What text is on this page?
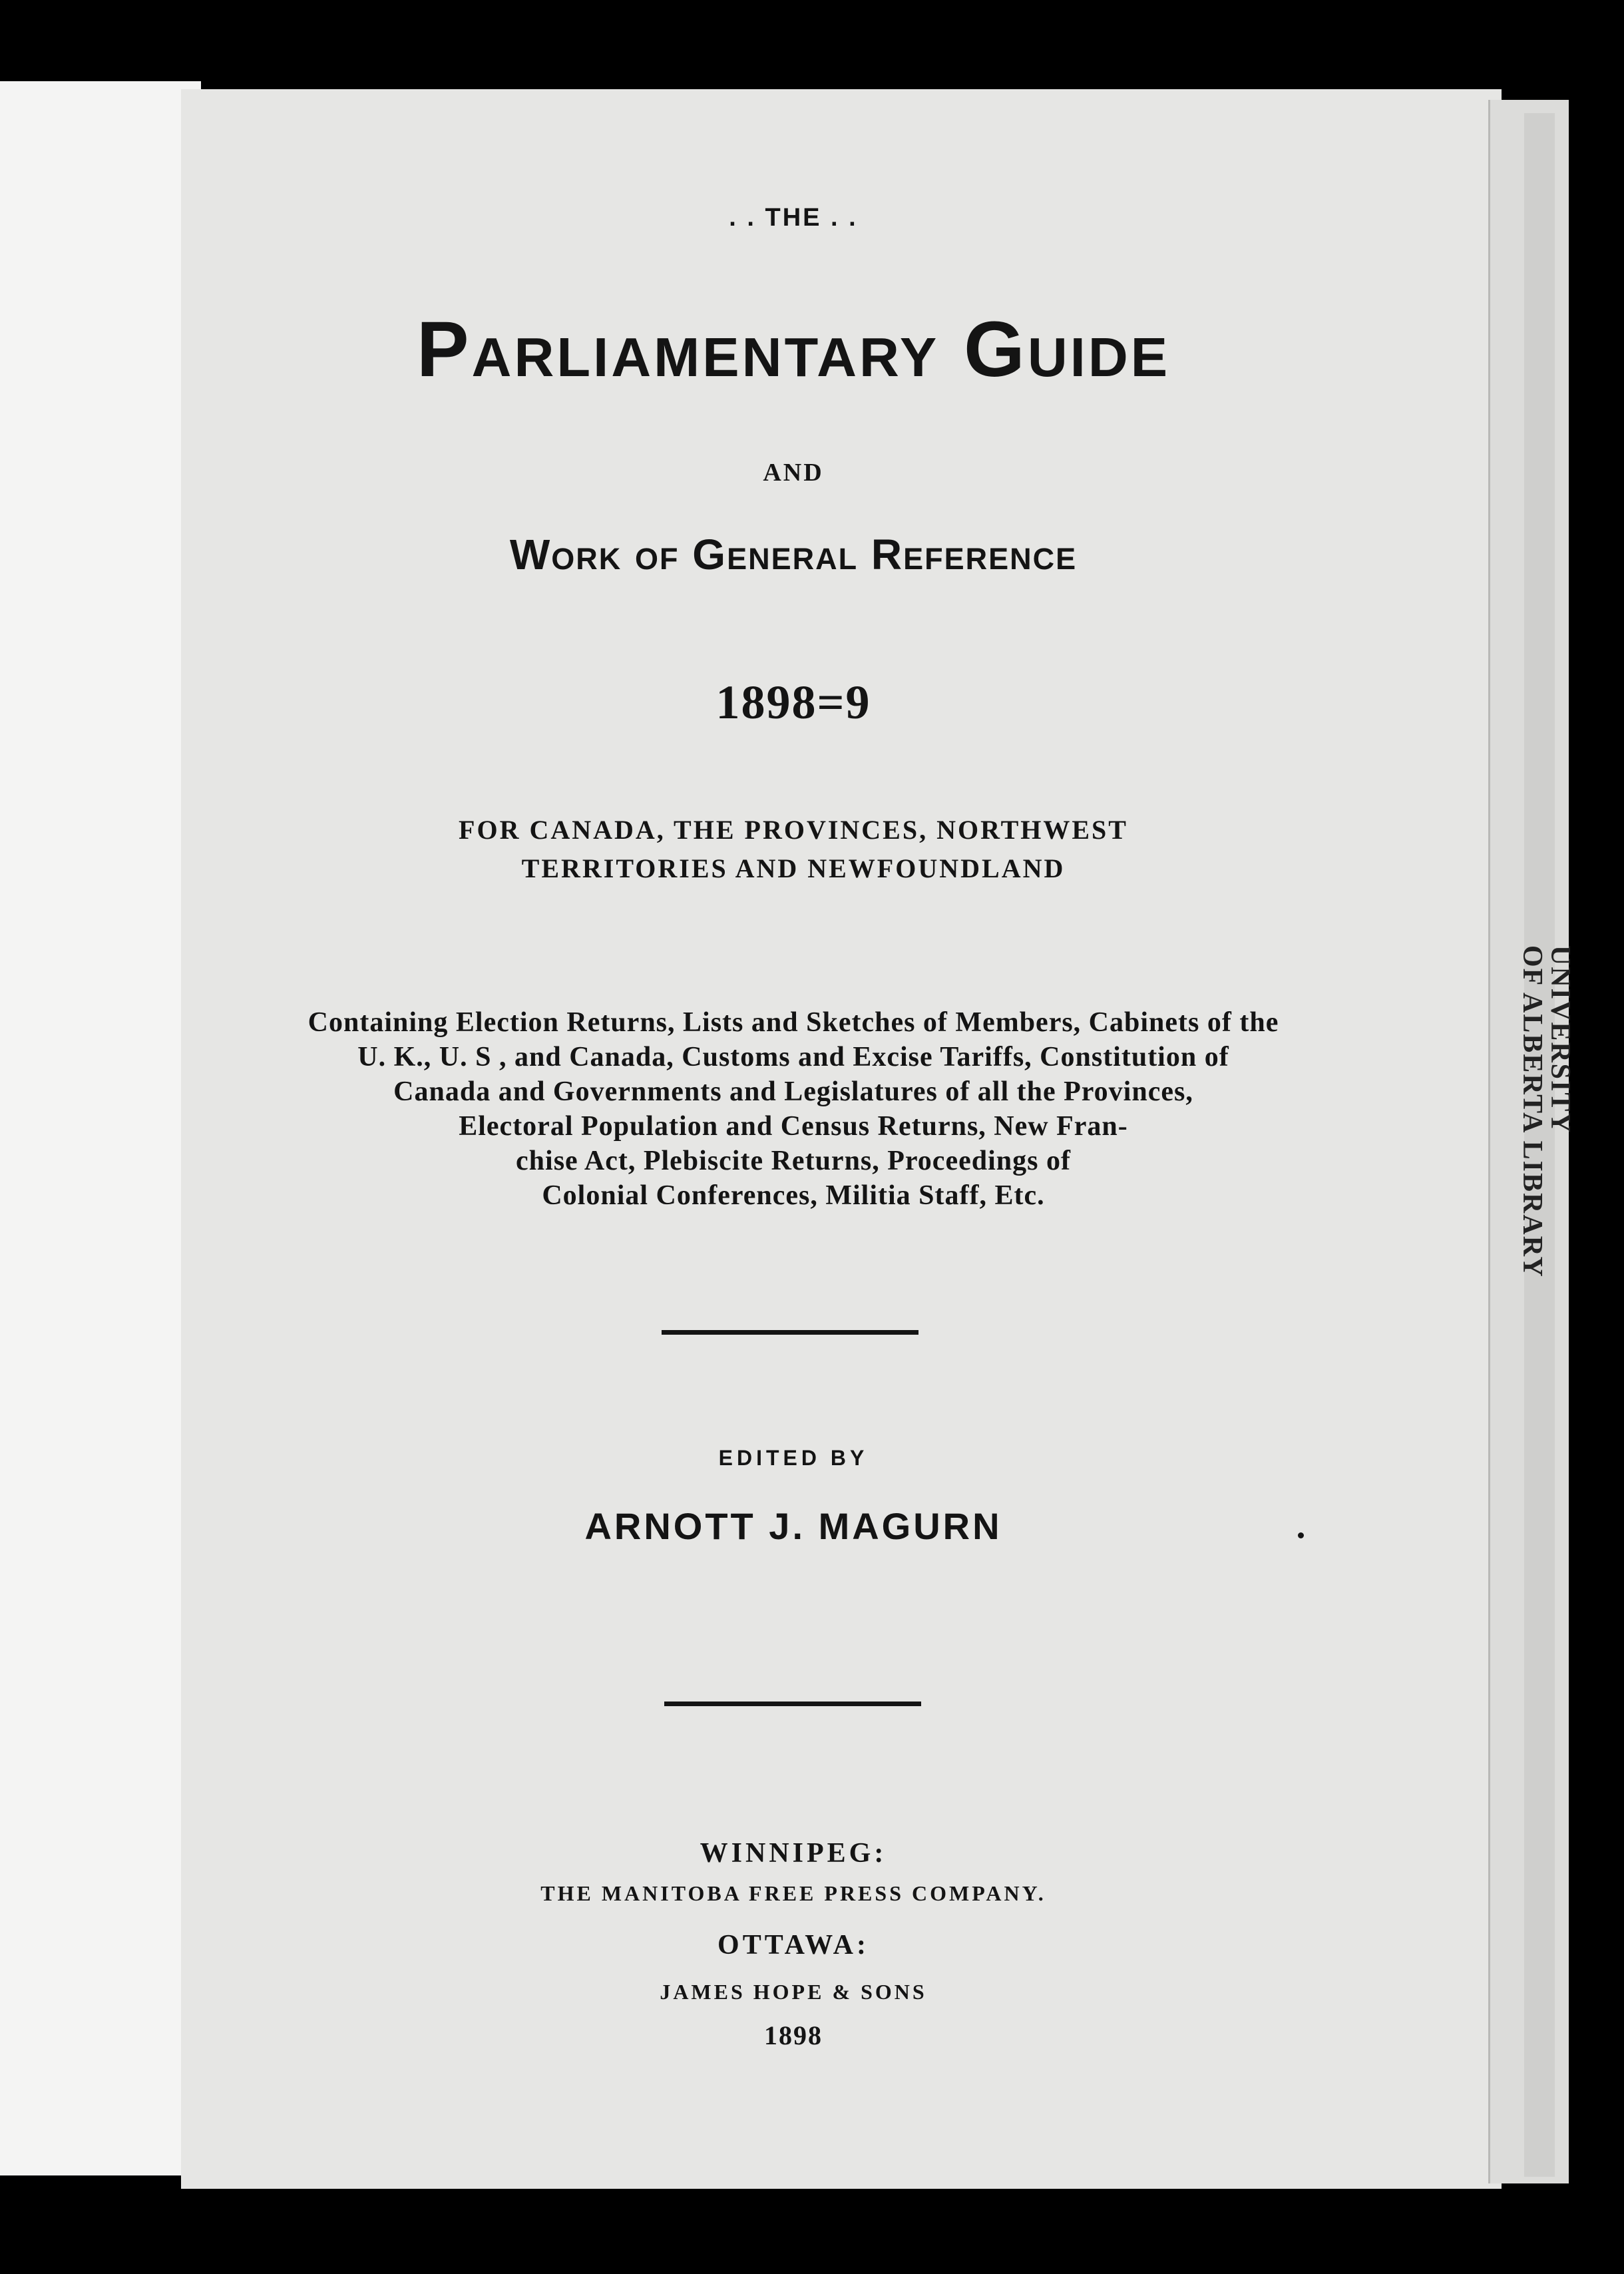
UNIVERSITY
OF ALBERTA LIBRARY
. . THE . .
Parliamentary Guide
AND
Work of General Reference
1898=9
FOR CANADA, THE PROVINCES, NORTHWEST
TERRITORIES AND NEWFOUNDLAND
Containing Election Returns, Lists and Sketches of Members, Cabinets of the
U. K., U. S , and Canada, Customs and Excise Tariffs, Constitution of
Canada and Governments and Legislatures of all the Provinces,
Electoral Population and Census Returns, New Fran-
chise Act, Plebiscite Returns, Proceedings of
Colonial Conferences, Militia Staff, Etc.
EDITED BY
ARNOTT J. MAGURN
WINNIPEG:
THE MANITOBA FREE PRESS COMPANY.
OTTAWA:
JAMES HOPE & SONS
1898
